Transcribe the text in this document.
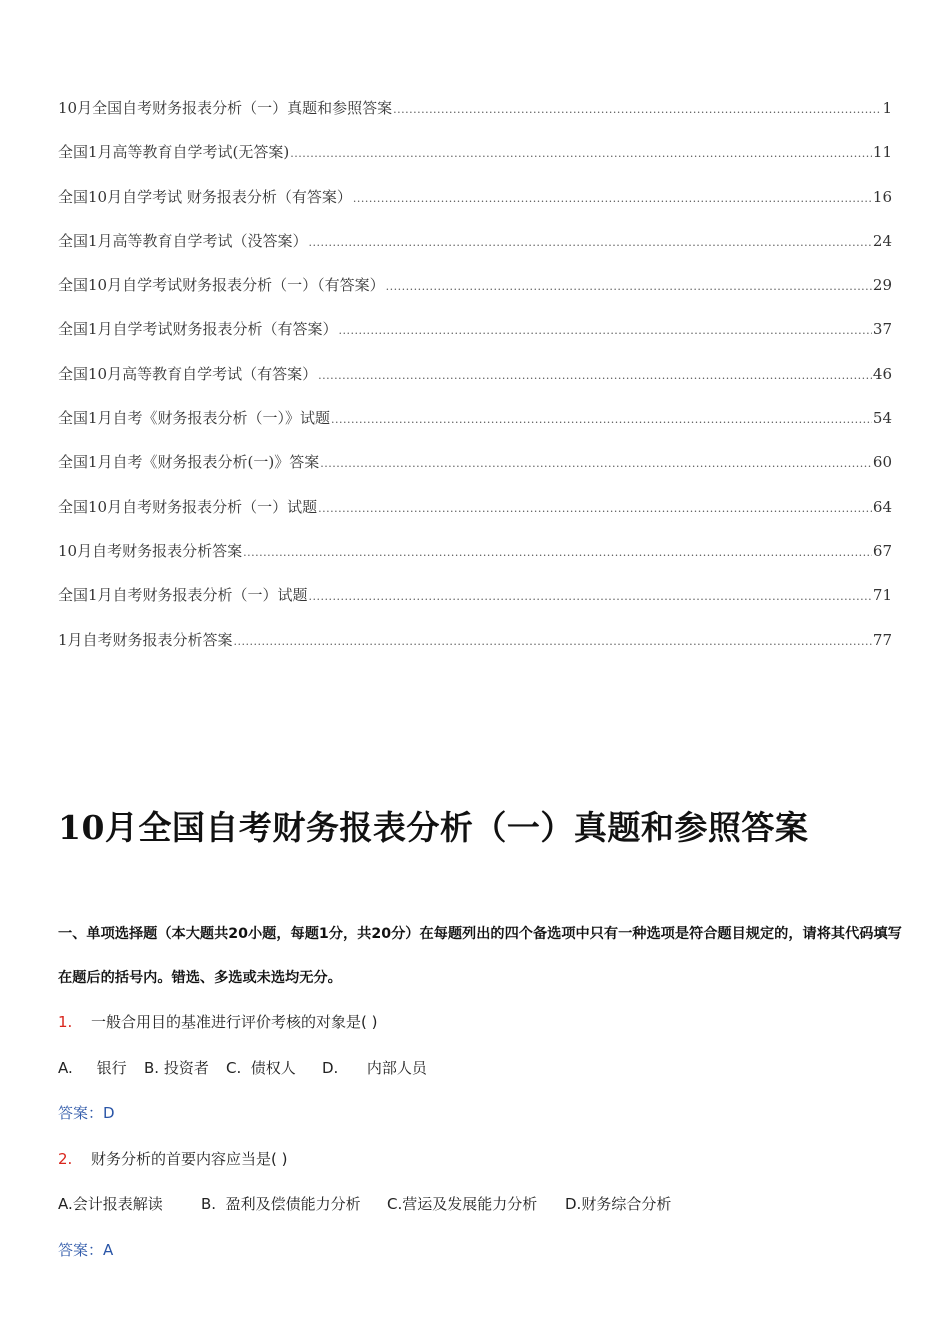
10月全国自考财务报表分析（一）真题和参照答案 .....	1
全国1月高等教育自学考试(无答案) .....	11
全国10月自学考试 财务报表分析（有答案） .....	16
全国1月高等教育自学考试（没答案） .....	24
全国10月自学考试财务报表分析（一）（有答案） .....	29
全国1月自学考试财务报表分析（有答案） .....	37
全国10月高等教育自学考试（有答案） .....	46
全国1月自考《财务报表分析（一）》试题 .....	54
全国1月自考《财务报表分析(一)》答案 .....	60
全国10月自考财务报表分析（一）试题 .....	64
10月自考财务报表分析答案 .....	67
全国1月自考财务报表分析（一）试题 .....	71
1月自考财务报表分析答案 .....	77
10月全国自考财务报表分析（一）真题和参照答案

一、单项选择题（本大题共20小题，每题1分，共20分）在每题列出的四个备选项中只有一种选项是符合题目规定的，请将其代码填写在题后的括号内。错选、多选或未选均无分。

1. 一般合用目的基准进行评价考核的对象是( )

A.     银行 B. 投资者 C.  债权人 D.      内部人员

答案：D

2. 财务分析的首要内容应当是( )

A.会计报表解读	B.  盈利及偿债能力分析 C.营运及发展能力分析 D.财务综合分析

答案：A
